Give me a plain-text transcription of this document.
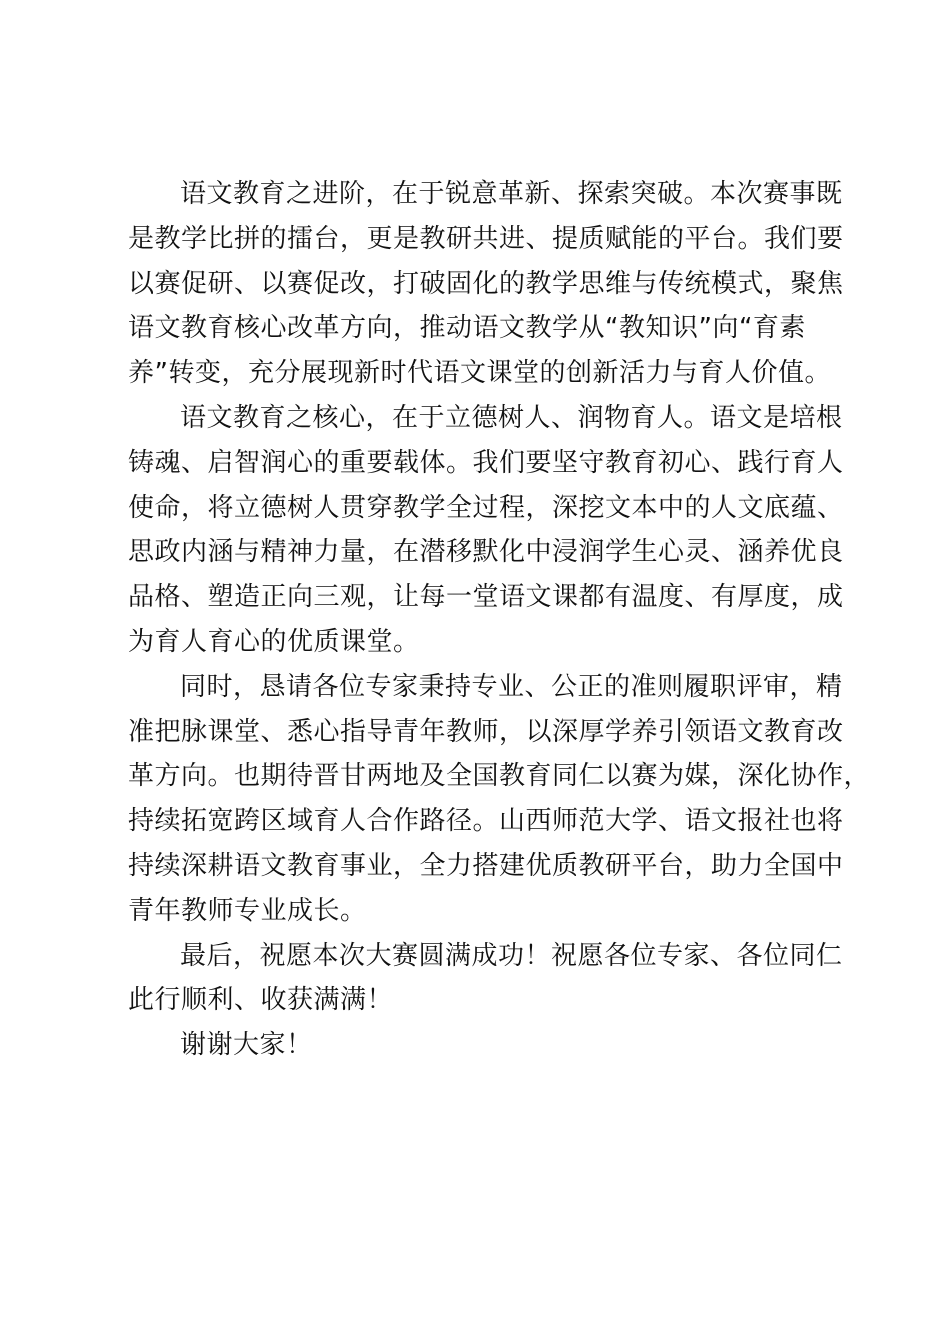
语文教育之进阶，在于锐意革新、探索突破。本次赛事既
是教学比拼的擂台，更是教研共进、提质赋能的平台。我们要
以赛促研、以赛促改，打破固化的教学思维与传统模式，聚焦
语文教育核心改革方向，推动语文教学从“教知识”向“育素
养”转变，充分展现新时代语文课堂的创新活力与育人价值。

语文教育之核心，在于立德树人、润物育人。语文是培根
铸魂、启智润心的重要载体。我们要坚守教育初心、践行育人
使命，将立德树人贯穿教学全过程，深挖文本中的人文底蕴、
思政内涵与精神力量，在潜移默化中浸润学生心灵、涵养优良
品格、塑造正向三观，让每一堂语文课都有温度、有厚度，成
为育人育心的优质课堂。

同时，恳请各位专家秉持专业、公正的准则履职评审，精
准把脉课堂、悉心指导青年教师，以深厚学养引领语文教育改
革方向。也期待晋甘两地及全国教育同仁以赛为媒，深化协作，
持续拓宽跨区域育人合作路径。山西师范大学、语文报社也将
持续深耕语文教育事业，全力搭建优质教研平台，助力全国中
青年教师专业成长。

最后，祝愿本次大赛圆满成功！祝愿各位专家、各位同仁
此行顺利、收获满满！

谢谢大家！
